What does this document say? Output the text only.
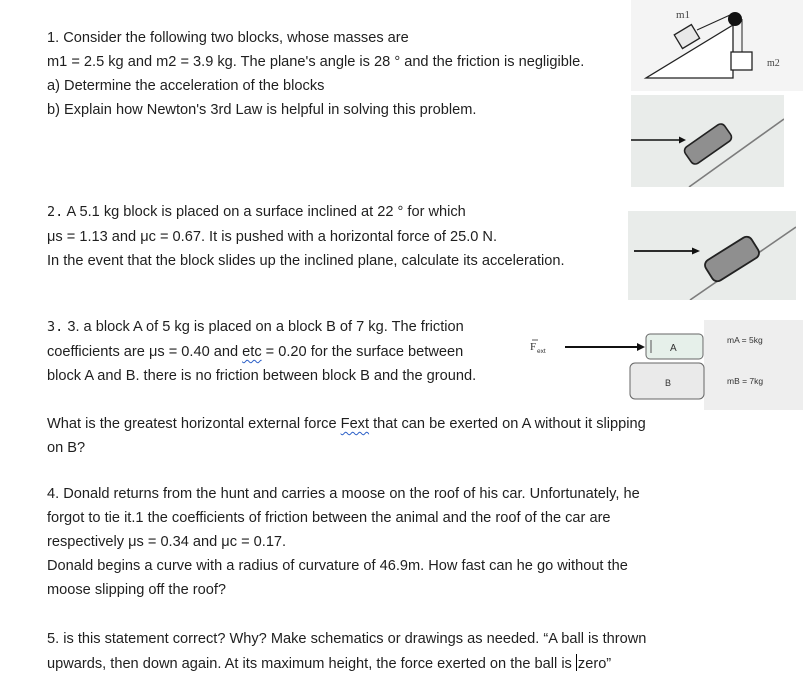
1. Consider the following two blocks, whose masses are
m1 = 2.5 kg and m2 = 3.9 kg. The plane's angle is 28 ° and the friction is negligible.
a) Determine the acceleration of the blocks
b) Explain how Newton's 3rd Law is helpful in solving this problem.
m1
m2
2. A 5.1 kg block is placed on a surface inclined at 22 ° for which
μs = 1.13 and μc = 0.67. It is pushed with a horizontal force of 25.0 N.
In the event that the block slides up the inclined plane, calculate its acceleration.
3. 3. a block A of 5 kg is placed on a block B of 7 kg. The friction
coefficients are μs = 0.40 and etc = 0.20 for the surface between
block A and B. there is no friction between block B and the ground.
F ext	A
B
mA = 5kg
mB = 7kg
What is the greatest horizontal external force Fext that can be exerted on A without it slipping
on B?
4. Donald returns from the hunt and carries a moose on the roof of his car. Unfortunately, he
forgot to tie it.1 the coefficients of friction between the animal and the roof of the car are
respectively μs = 0.34 and μc = 0.17.
Donald begins a curve with a radius of curvature of 46.9m. How fast can he go without the
moose slipping off the roof?
5. is this statement correct? Why? Make schematics or drawings as needed. “A ball is thrown
upwards, then down again. At its maximum height, the force exerted on the ball is zero”
